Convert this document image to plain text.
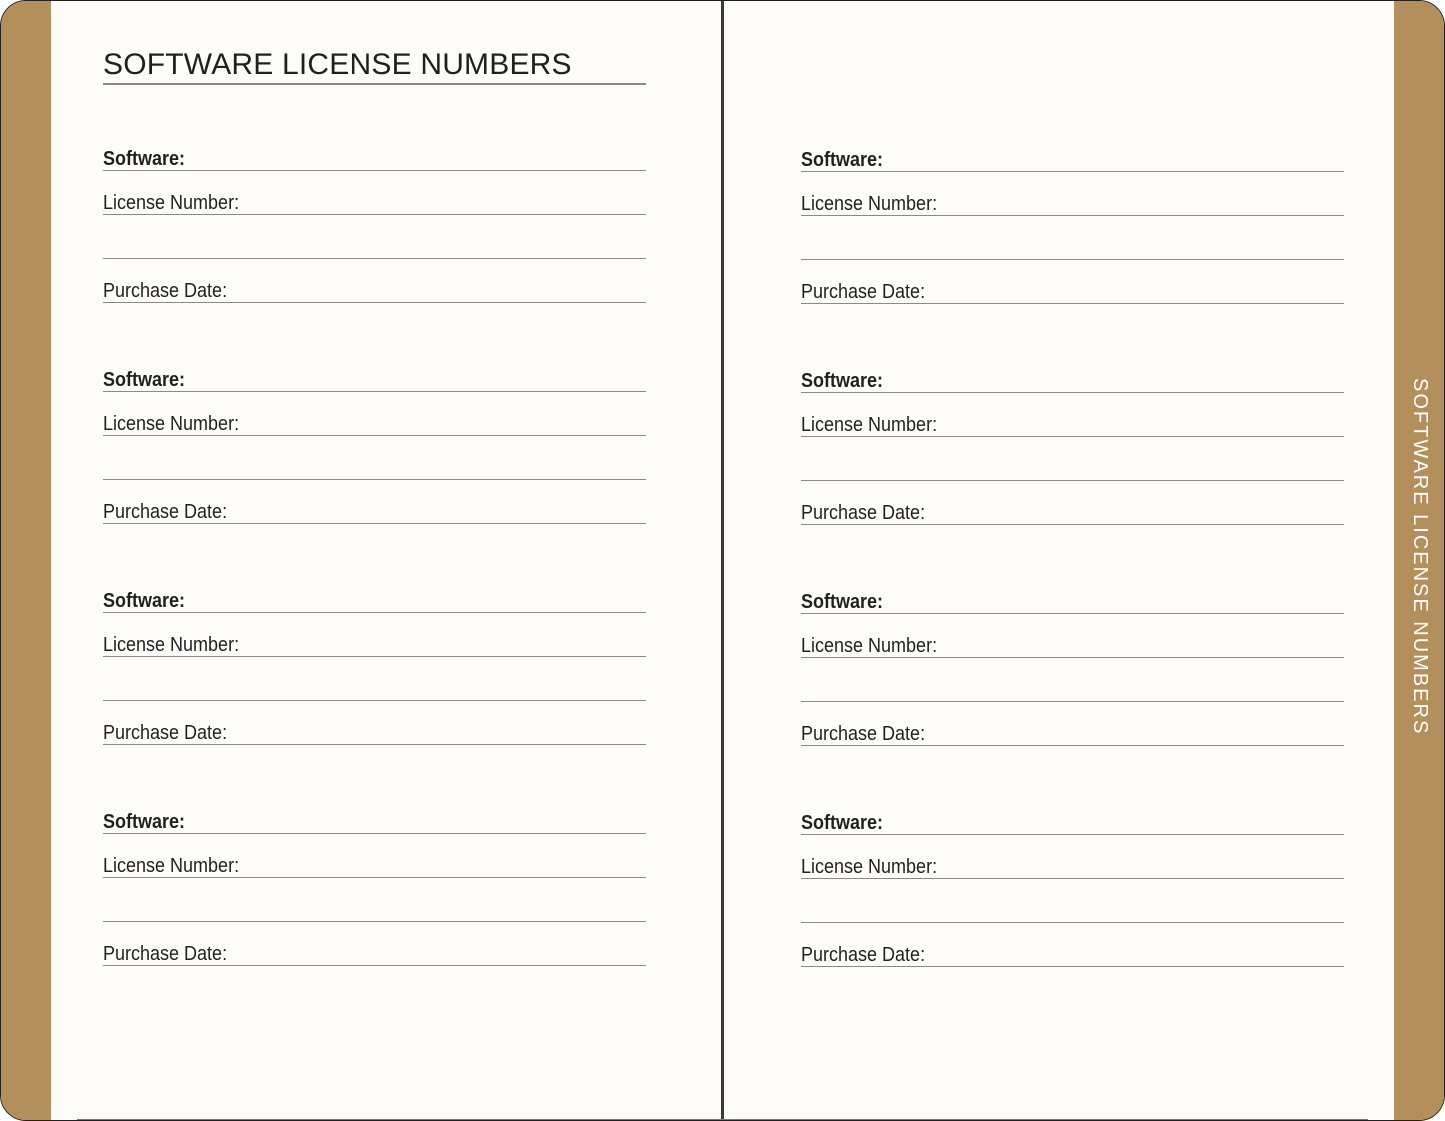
SOFTWARE LICENSE NUMBERS
Software:
License Number:
Purchase Date:
Software:
License Number:
Purchase Date:
Software:
License Number:
Purchase Date:
Software:
License Number:
Purchase Date:
Software:
License Number:
Purchase Date:
Software:
License Number:
Purchase Date:
Software:
License Number:
Purchase Date:
Software:
License Number:
Purchase Date:
SOFTWARE LICENSE NUMBERS
